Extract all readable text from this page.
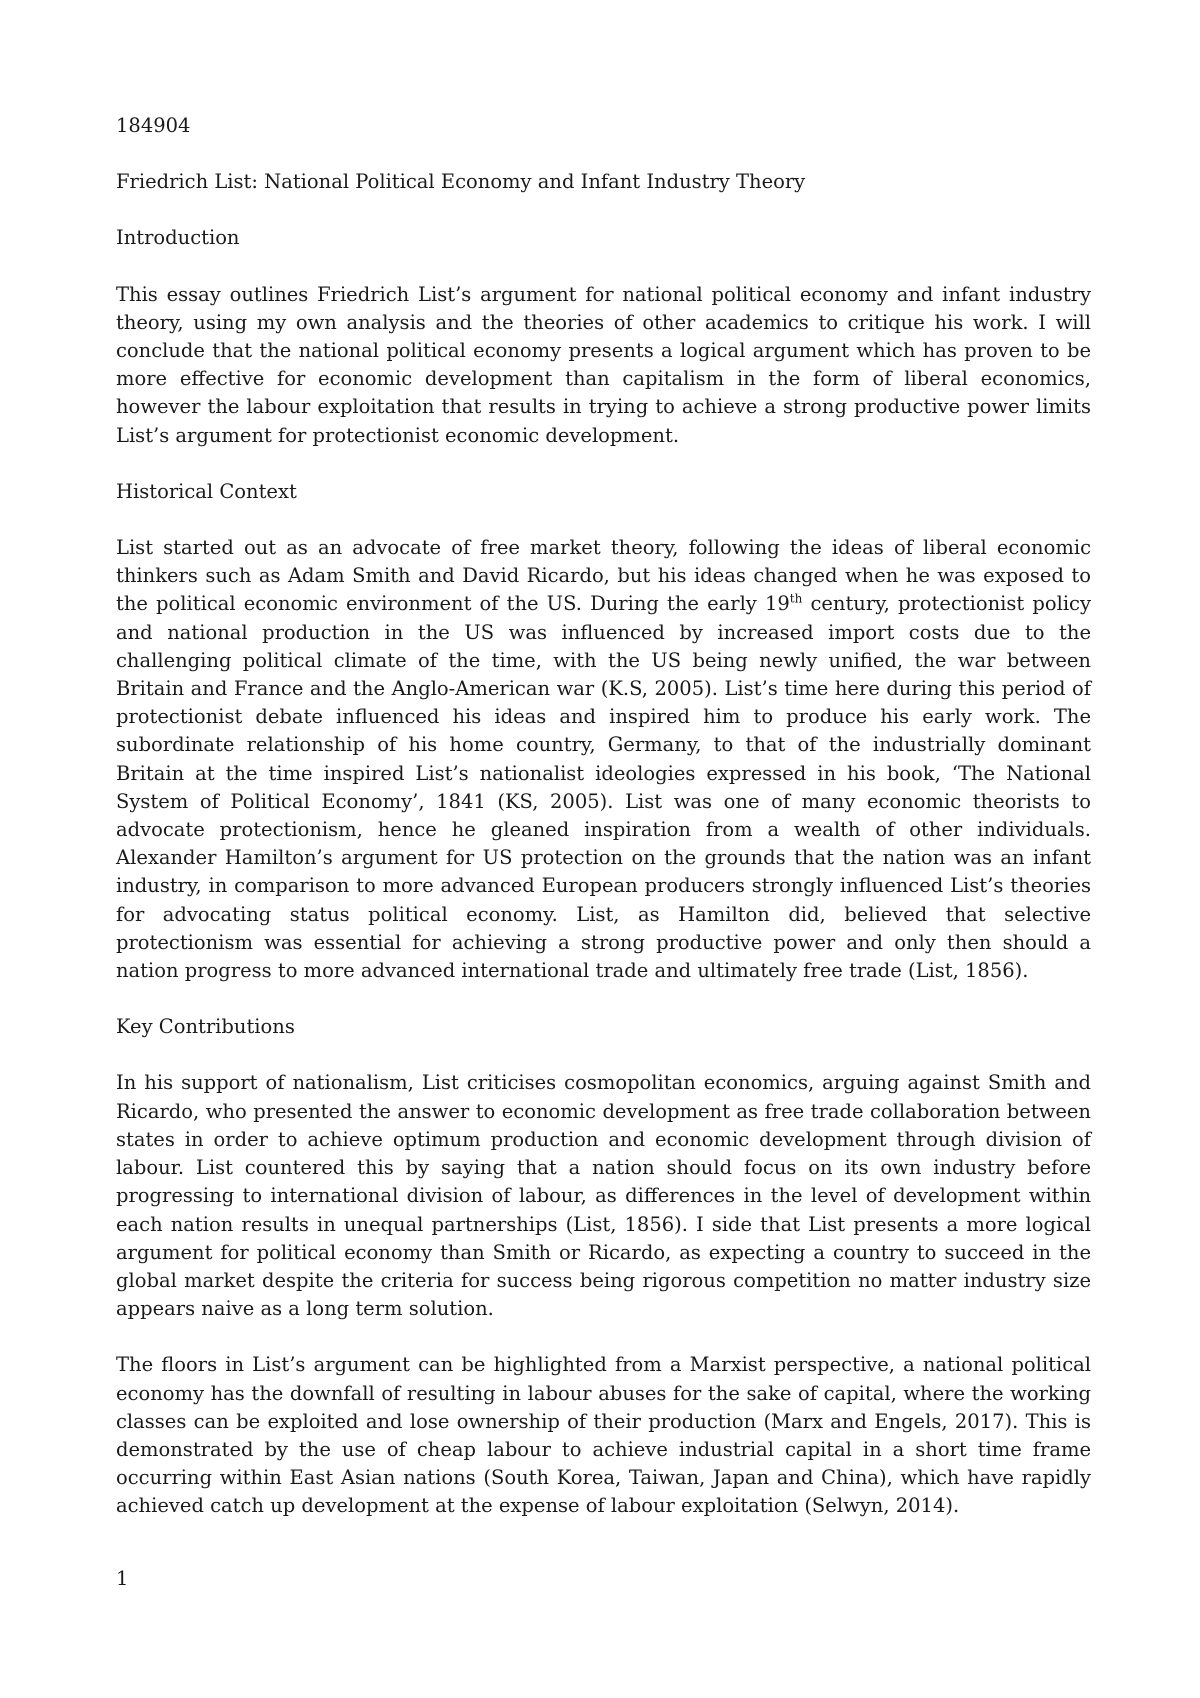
184904

Friedrich List: National Political Economy and Infant Industry Theory

Introduction

This essay outlines Friedrich List’s argument for national political economy and infant industry theory, using my own analysis and the theories of other academics to critique his work. I will conclude that the national political economy presents a logical argument which has proven to be more effective for economic development than capitalism in the form of liberal economics, however the labour exploitation that results in trying to achieve a strong productive power limits List’s argument for protectionist economic development.

Historical Context

List started out as an advocate of free market theory, following the ideas of liberal economic thinkers such as Adam Smith and David Ricardo, but his ideas changed when he was exposed to the political economic environment of the US. During the early 19th century, protectionist policy and national production in the US was influenced by increased import costs due to the challenging political climate of the time, with the US being newly unified, the war between Britain and France and the Anglo-American war (K.S, 2005). List’s time here during this period of protectionist debate influenced his ideas and inspired him to produce his early work. The subordinate relationship of his home country, Germany, to that of the industrially dominant Britain at the time inspired List’s nationalist ideologies expressed in his book, ‘The National System of Political Economy’, 1841 (KS, 2005). List was one of many economic theorists to advocate protectionism, hence he gleaned inspiration from a wealth of other individuals. Alexander Hamilton’s argument for US protection on the grounds that the nation was an infant industry, in comparison to more advanced European producers strongly influenced List’s theories for advocating status political economy. List, as Hamilton did, believed that selective protectionism was essential for achieving a strong productive power and only then should a nation progress to more advanced international trade and ultimately free trade (List, 1856).

Key Contributions

In his support of nationalism, List criticises cosmopolitan economics, arguing against Smith and Ricardo, who presented the answer to economic development as free trade collaboration between states in order to achieve optimum production and economic development through division of labour. List countered this by saying that a nation should focus on its own industry before progressing to international division of labour, as differences in the level of development within each nation results in unequal partnerships (List, 1856). I side that List presents a more logical argument for political economy than Smith or Ricardo, as expecting a country to succeed in the global market despite the criteria for success being rigorous competition no matter industry size appears naive as a long term solution.

The floors in List’s argument can be highlighted from a Marxist perspective, a national political economy has the downfall of resulting in labour abuses for the sake of capital, where the working classes can be exploited and lose ownership of their production (Marx and Engels, 2017). This is demonstrated by the use of cheap labour to achieve industrial capital in a short time frame occurring within East Asian nations (South Korea, Taiwan, Japan and China), which have rapidly achieved catch up development at the expense of labour exploitation (Selwyn, 2014).

1
